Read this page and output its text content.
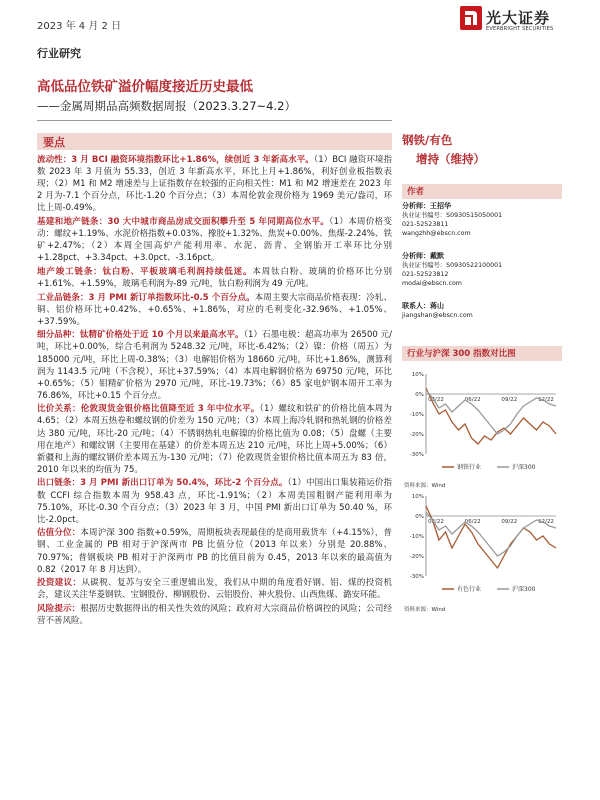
2023 年 4 月 2 日	光大证券
EVERBRIGHT SECURITIES
行业研究
高低品位铁矿溢价幅度接近历史最低
——金属周期品高频数据周报（2023.3.27~4.2）
要点

流动性：3 月 BCI 融资环境指数环比+1.86%，续创近 3 年新高水平。（1）BCI 融资环境指数 2023 年 3 月值为 55.33，创近 3 年新高水平，环比上月+1.86%，利好创业板指数表现；（2）M1 和 M2 增速差与上证指数存在较强的正向相关性：M1 和 M2 增速差在 2023 年 2 月为-7.1 个百分点，环比-1.20 个百分点；（3）本周伦敦金现价格为 1969 美元/盎司，环比上周-0.49%。

基建和地产链条：30 大中城市商品房成交面积攀升至 5 年同期高位水平。（1）本周价格变动：螺纹+1.19%、水泥价格指数+0.03%、橡胶+1.32%、焦炭+0.00%、焦煤-2.24%、铁矿+2.47%；（2）本周全国高炉产能利用率、水泥、沥青、全钢胎开工率环比分别+1.28pct、+3.34pct、+3.0pct、-3.16pct。

地产竣工链条：钛白粉、平板玻璃毛利润持续低迷。本周钛白粉、玻璃的价格环比分别+1.61%、+1.59%，玻璃毛利润为-89 元/吨，钛白粉利润为 49 元/吨。

工业品链条：3 月 PMI 新订单指数环比-0.5 个百分点。本周主要大宗商品价格表现：冷轧、铜、铝价格环比+0.42%、+0.65%、+1.86%，对应的毛利变化-32.96%、+1.05%、+37.59%。

细分品种：钛精矿价格处于近 10 个月以来最高水平。（1）石墨电极：超高功率为 26500 元/吨，环比+0.00%，综合毛利润为 5248.32 元/吨，环比-6.42%；（2）镍：价格（周五）为 185000 元/吨，环比上周-0.38%；（3）电解铝价格为 18660 元/吨，环比+1.86%，测算利润为 1143.5 元/吨（不含税），环比+37.59%；（4）本周电解钢价格为 69750 元/吨，环比+0.65%；（5）钼精矿价格为 2970 元/吨，环比-19.73%；（6）85 家电炉钢本周开工率为 76.86%，环比+0.15 个百分点。

比价关系：伦敦现货金银价格比值降至近 3 年中位水平。（1）螺纹和铁矿的价格比值本周为 4.65；（2）本周五热卷和螺纹钢的价差为 150 元/吨；（3）本周上海冷轧钢和热轧钢的价格差达 380 元/吨，环比-20 元/吨；（4）不锈钢热轧电解镍的价格比值为 0.08；（5）盘螺（主要用在地产）和螺纹钢（主要用在基建）的价差本周五达 210 元/吨，环比上周+5.00%；（6）新疆和上海的螺纹钢价差本周五为-130 元/吨；（7）伦敦现货金银价格比值本周五为 83 倍，2010 年以来的均值为 75。

出口链条：3 月 PMI 新出口订单为 50.4%，环比-2 个百分点。（1）中国出口集装箱运价指数 CCFI 综合指数本周为 958.43 点，环比-1.91%；（2）本周美国粗钢产能利用率为 75.10%，环比-0.30 个百分点；（3）2023 年 3 月，中国 PMI 新出口订单为 50.40 %，环比-2.0pct。

估值分位：本周沪深 300 指数+0.59%，周期板块表现最佳的是商用载货车（+4.15%），普钢、工业金属的 PB 相对于沪深两市 PB 比值分位（2013 年以来）分别是 20.88%、70.97%；普钢板块 PB 相对于沪深两市 PB 的比值目前为 0.45，2013 年以来的最高值为 0.82（2017 年 8 月达到）。

投资建议：从碳税、复苏与安全三重逻辑出发，我们从中期的角度看好钢、铝、煤的投资机会，建议关注华菱钢铁、宝钢股份、柳钢股份、云铝股份、神火股份、山西焦煤、潞安环能。

风险提示：根据历史数据得出的相关性失效的风险；政府对大宗商品价格调控的风险；公司经营不善风险。

钢铁/有色
增持（维持）
作者
分析师：王招华
执业证书编号：S0930515050001
021-52523811
wangzhh@ebscn.com
分析师：戴默
执业证书编号：S0930522100001
021-52523812
modai@ebscn.com
联系人：蒋山
jiangshan@ebscn.com
行业与沪深 300 指数对比图
10%
0%
-10%
-20%
-30%
03/22	06/22	09/22	12/22
钢铁行业	沪深300
资料来源：Wind
10%
0%
-10%
-20%
-30%
03/22	06/22	09/22	12/22
有色行业	沪深300
资料来源：Wind
